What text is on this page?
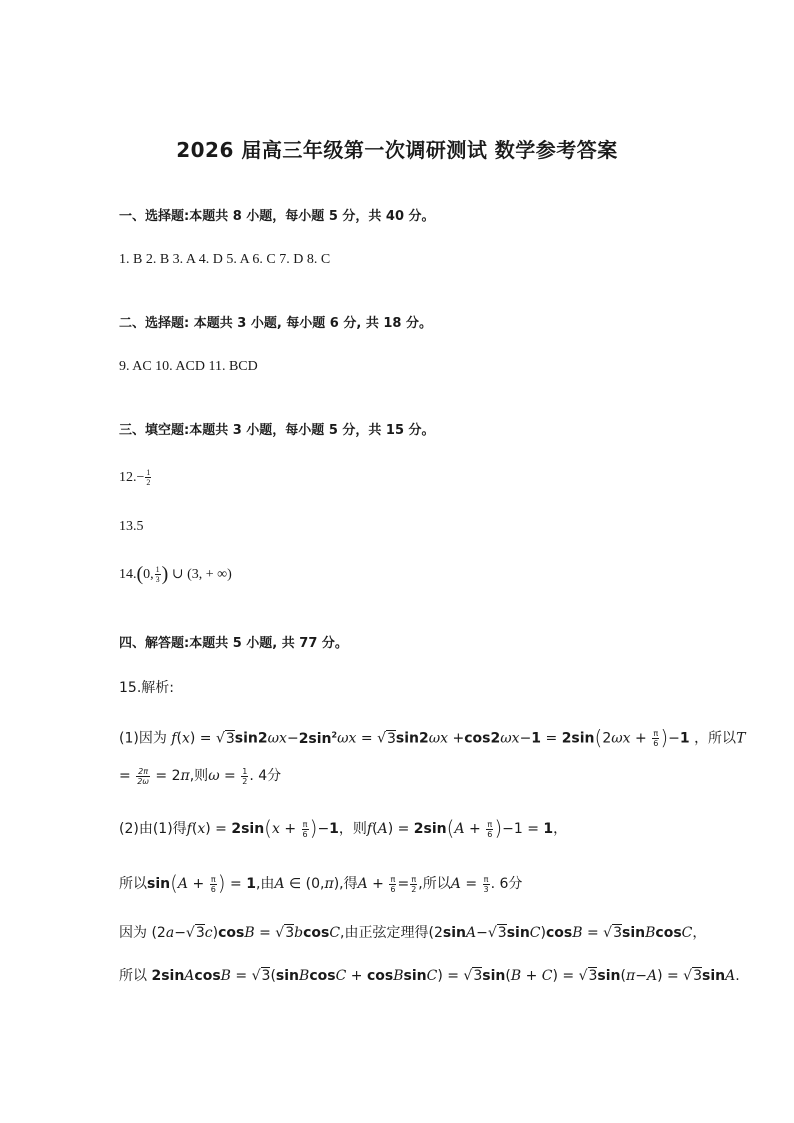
2026 届高三年级第一次调研测试 数学参考答案
一、选择题:本题共 8 小题，每小题 5 分，共 40 分。
1. B 2. B 3. A 4. D 5. A 6. C 7. D 8. C
二、选择题: 本题共 3 小题, 每小题 6 分, 共 18 分。
9. AC 10. ACD 11. BCD
三、填空题:本题共 3 小题，每小题 5 分，共 15 分。
$12.- \frac{1}{2}$
13.5
14.(0, $\frac{1}{3}$ ) ∪ (3, + ∞)
四、解答题:本题共 5 小题, 共 77 分。
15.解析:
(1)因为 $f(x) = √3\sin 2\omega x-2\sin^2\omega x = √3\sin 2\omega x +\cos 2\omega x-1 = 2\sin(2\omega x + \frac{\pi}{6} )-1$ ，所以T
= $\frac{2\pi}{2\omega} = 2\pi$,则$\omega = \frac{1}{2}$ . 4分
(2)由(1)得$f(x) = 2\sin(x + \frac{\pi}{6} )-1$，则$f(A) = 2\sin(A + \frac{\pi}{6} )-1 = 1$，
所以$\sin(A + \frac{\pi}{6}$ ) = 1,由A ∈ (0,π),得$A + \frac{\pi}{6} = \frac{\pi}{2}$ ,所以$A = \frac{\pi}{3}$ . 6分
因为 (2a−√3c)cosB = √3bcosC,由正弦定理得(2sinA−√3sinC)cosB = √3sinBcosC，
所以 2sinAcosB = √3(sinBcosC + cosBsinC) = √3sin(B + C) = √3sin(π−A) = √3sinA.
